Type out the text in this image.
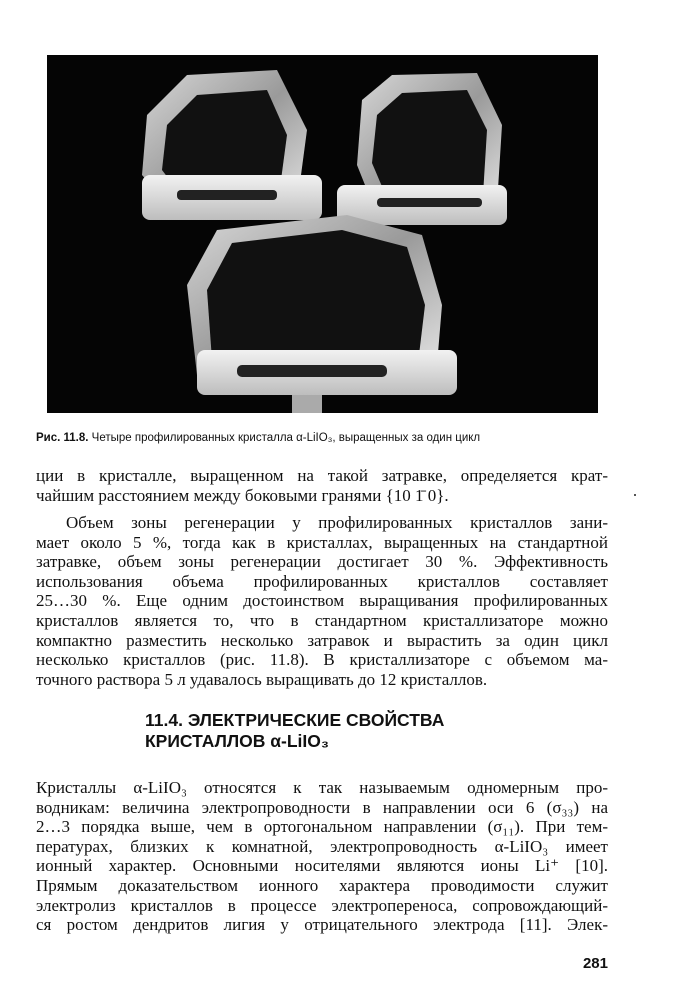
Рис. 11.8. Четыре профилированных кристалла α-LiIO₃, выращенных за один цикл
ции в кристалле, выращенном на такой затравке, определяется крат-
чайшим расстоянием между боковыми гранями {10 1̄ 0}.
Объем зоны регенерации у профилированных кристаллов зани-
мает около 5 %, тогда как в кристаллах, выращенных на стандартной
затравке, объем зоны регенерации достигает 30 %. Эффективность
использования объема профилированных кристаллов составляет
25…30 %. Еще одним достоинством выращивания профилированных
кристаллов является то, что в стандартном кристаллизаторе можно
компактно разместить несколько затравок и вырастить за один цикл
несколько кристаллов (рис. 11.8). В кристаллизаторе с объемом ма-
точного раствора 5 л удавалось выращивать до 12 кристаллов.
11.4. ЭЛЕКТРИЧЕСКИЕ СВОЙСТВА
КРИСТАЛЛОВ α-LiIO₃
Кристаллы α-LiIO₃ относятся к так называемым одномерным про-
водникам: величина электропроводности в направлении оси 6 (σ₃₃) на
2…3 порядка выше, чем в ортогональном направлении (σ₁₁). При тем-
пературах, близких к комнатной, электропроводность α-LiIO₃ имеет
ионный характер. Основными носителями являются ионы Li⁺ [10].
Прямым доказательством ионного характера проводимости служит
электролиз кристаллов в процессе электропереноса, сопровождающий-
ся ростом дендритов лигия у отрицательного электрода [11]. Элек-
281
